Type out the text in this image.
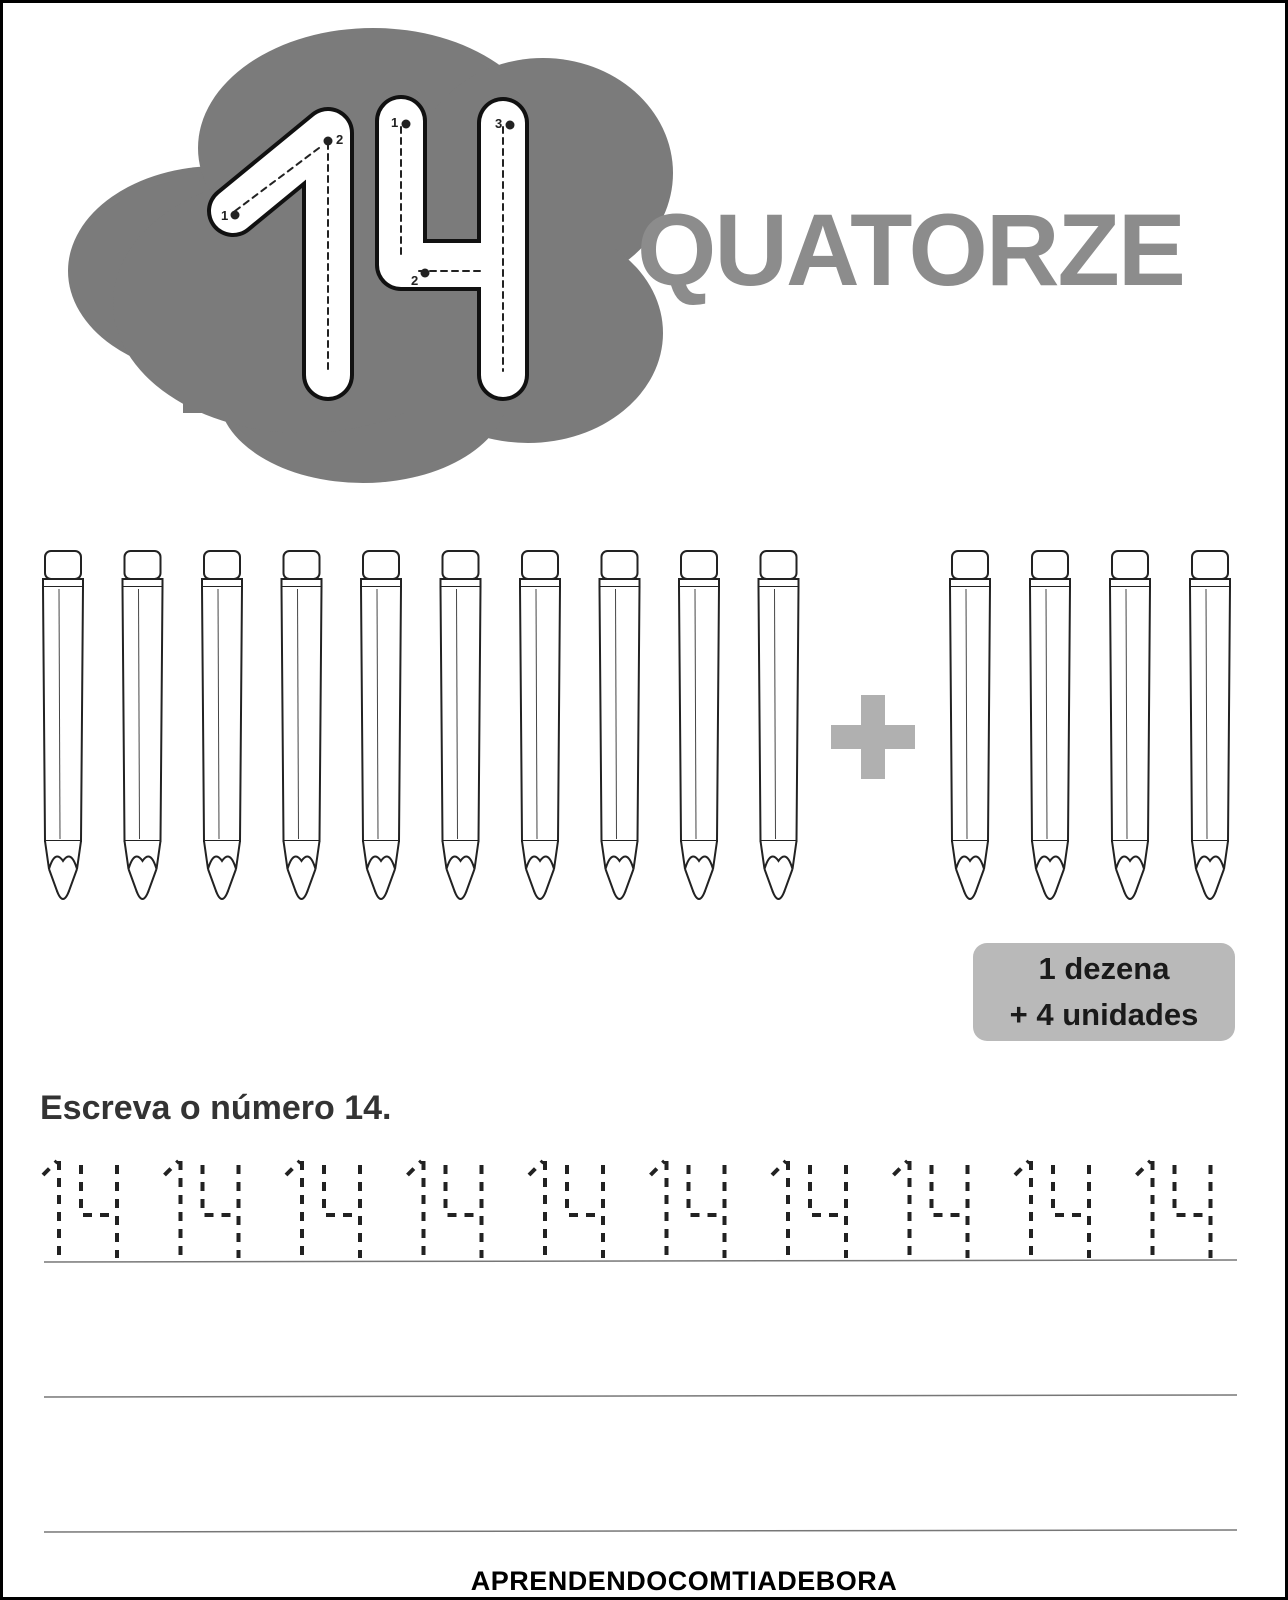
1
2
1
2
3
QUATORZE
1 dezena
+ 4 unidades
Escreva o número 14.
APRENDENDOCOMTIADEBORA
